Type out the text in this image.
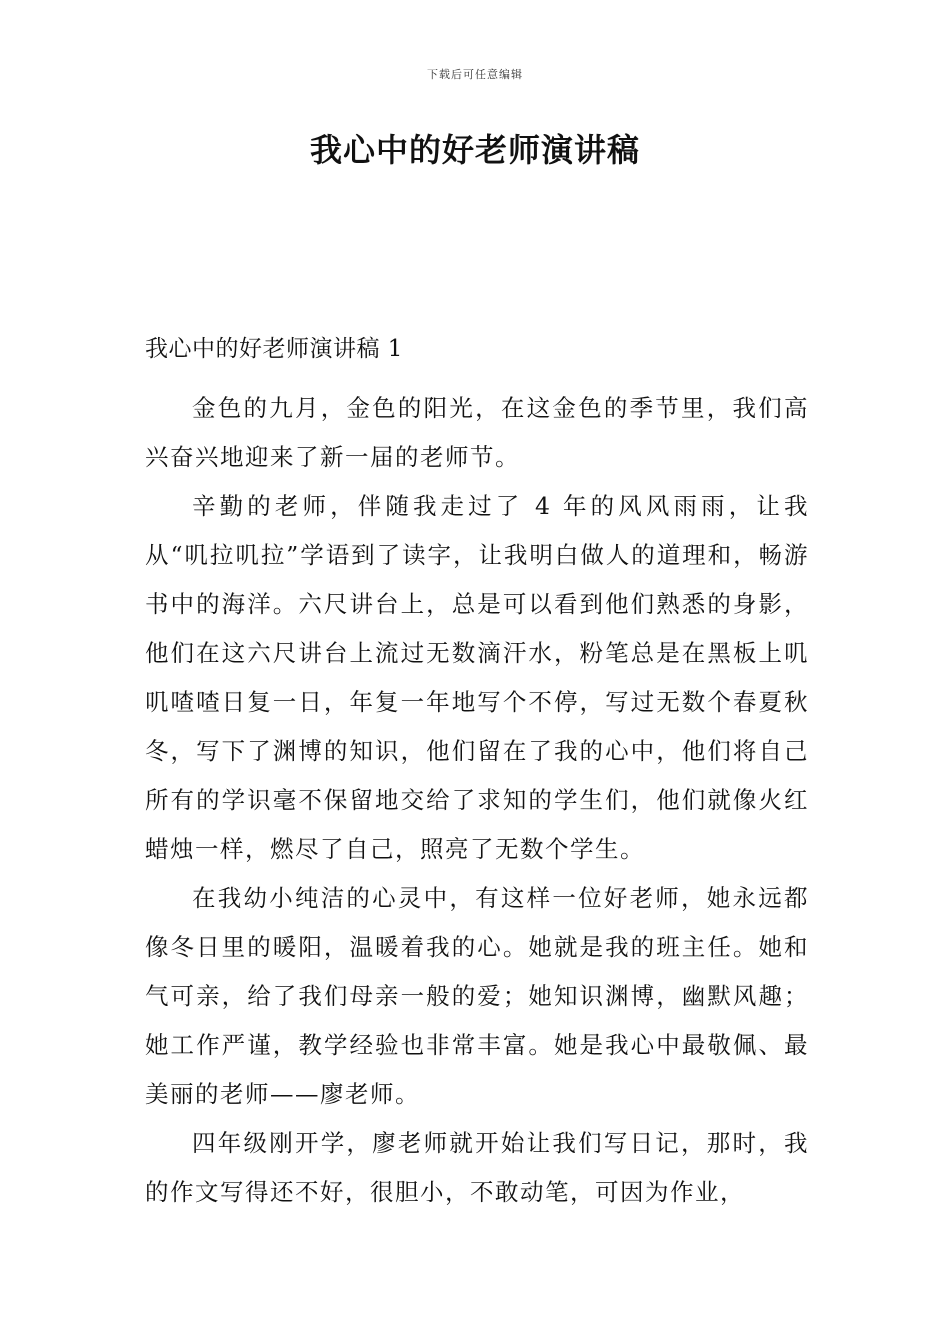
下载后可任意编辑
我心中的好老师演讲稿

我心中的好老师演讲稿 1

金色的九月，金色的阳光，在这金色的季节里，我们高兴奋兴地迎来了新一届的老师节。

辛勤的老师，伴随我走过了 4 年的风风雨雨，让我从“叽拉叽拉”学语到了读字，让我明白做人的道理和，畅游书中的海洋。六尺讲台上，总是可以看到他们熟悉的身影，他们在这六尺讲台上流过无数滴汗水，粉笔总是在黑板上叽叽喳喳日复一日，年复一年地写个不停，写过无数个春夏秋冬，写下了渊博的知识，他们留在了我的心中，他们将自己所有的学识毫不保留地交给了求知的学生们，他们就像火红蜡烛一样，燃尽了自己，照亮了无数个学生。

在我幼小纯洁的心灵中，有这样一位好老师，她永远都像冬日里的暖阳，温暖着我的心。她就是我的班主任。她和气可亲，给了我们母亲一般的爱；她知识渊博，幽默风趣；她工作严谨，教学经验也非常丰富。她是我心中最敬佩、最美丽的老师——廖老师。

四年级刚开学，廖老师就开始让我们写日记，那时，我的作文写得还不好，很胆小，不敢动笔，可因为作业，
